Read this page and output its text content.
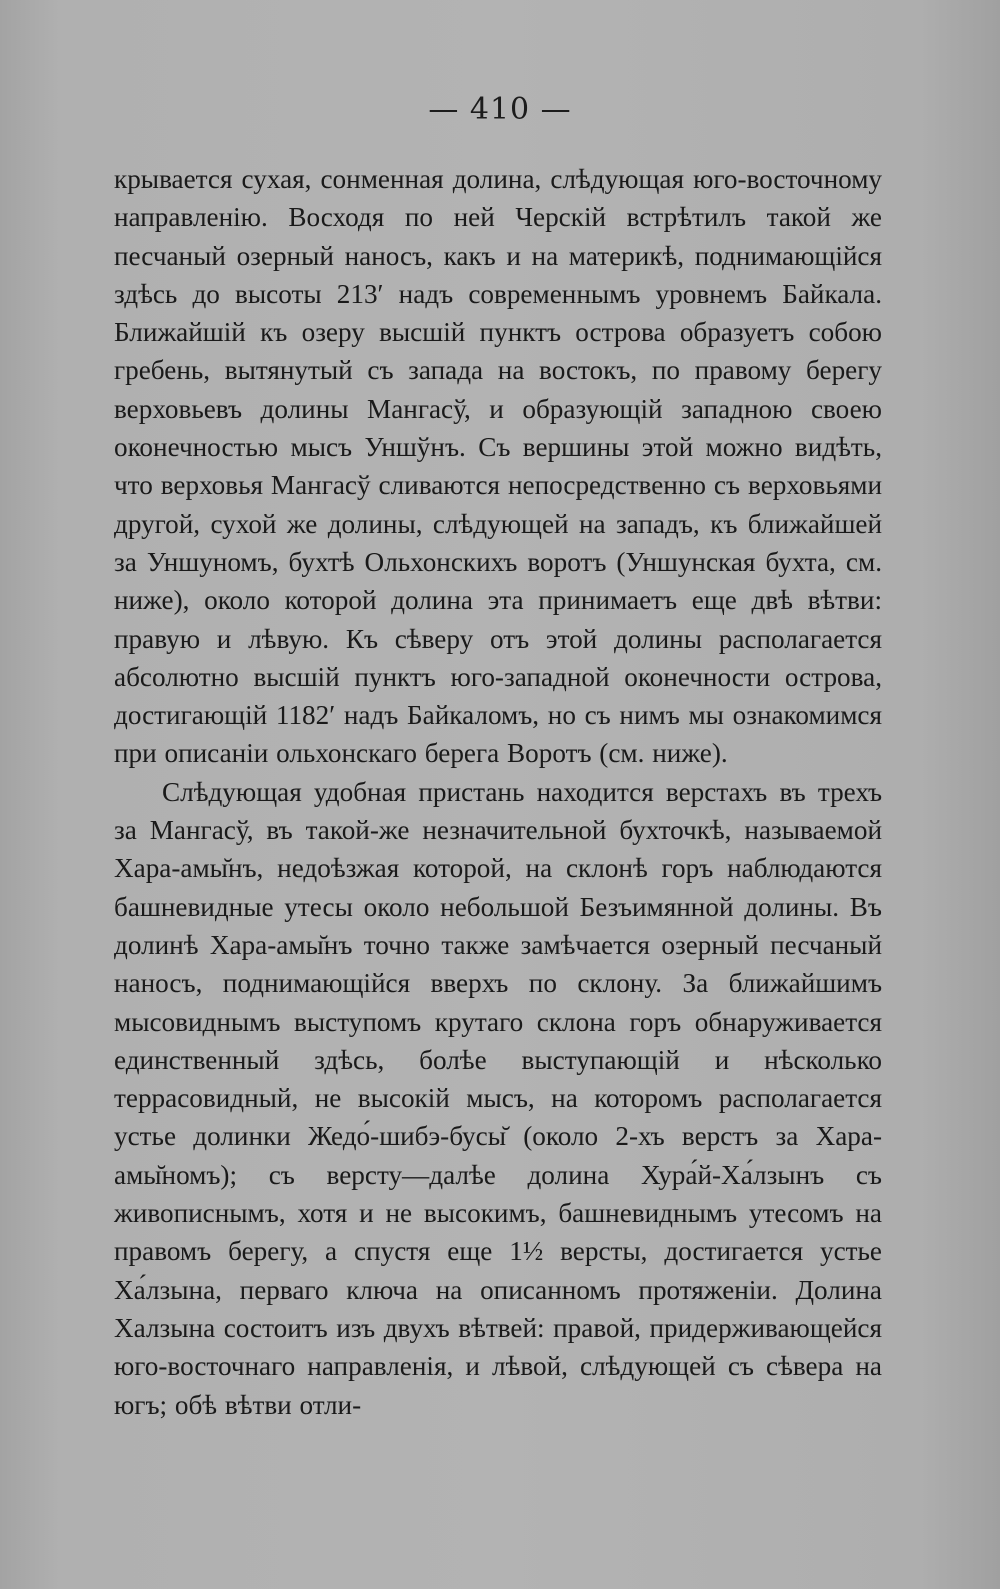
— 410 —

крывается сухая, сонменная долина, слѣдующая юго-восточному направленію. Восходя по ней Черскій встрѣтилъ такой же песчаный озерный наносъ, какъ и на материкѣ, поднимающійся здѣсь до высоты 213′ надъ современнымъ уровнемъ Байкала. Ближайшій къ озеру высшій пунктъ острова образуетъ собою гребень, вытянутый съ запада на востокъ, по правому берегу верховьевъ долины Мангасў, и образующій западною своею оконечностью мысъ Уншўнъ. Съ вершины этой можно видѣть, что верховья Мангасў сливаются непосредственно съ верховьями другой, сухой же долины, слѣдующей на западъ, къ ближайшей за Уншуномъ, бухтѣ Ольхонскихъ воротъ (Уншунская бухта, см. ниже), около которой долина эта принимаетъ еще двѣ вѣтви: правую и лѣвую. Къ сѣверу отъ этой долины располагается абсолютно высшій пунктъ юго-западной оконечности острова, достигающій 1182′ надъ Байкаломъ, но съ нимъ мы ознакомимся при описаніи ольхонскаго берега Воротъ (см. ниже).

Слѣдующая удобная пристань находится верстахъ въ трехъ за Мангасў, въ такой-же незначительной бухточкѣ, называемой Хара-амы̆нъ, недоѣзжая которой, на склонѣ горъ наблюдаются башневидные утесы около небольшой Безъимянной долины. Въ долинѣ Хара-амы̆нъ точно также замѣчается озерный песчаный наносъ, поднимающійся вверхъ по склону. За ближайшимъ мысовиднымъ выступомъ крутаго склона горъ обнаруживается единственный здѣсь, болѣе выступающій и нѣсколько террасовидный, не высокій мысъ, на которомъ располагается устье долинки Жедо́-шибэ-бусы̆ (около 2-хъ верстъ за Хара-амы̆номъ); съ версту—далѣе долина Хура́й-Ха́лзынъ съ живописнымъ, хотя и не высокимъ, башневиднымъ утесомъ на правомъ берегу, а спустя еще 1½ версты, достигается устье Ха́лзына, перваго ключа на описанномъ протяженіи. Долина Халзына состоитъ изъ двухъ вѣтвей: правой, придерживающейся юго-восточнаго направленія, и лѣвой, слѣдующей съ сѣвера на югъ; обѣ вѣтви отли-
